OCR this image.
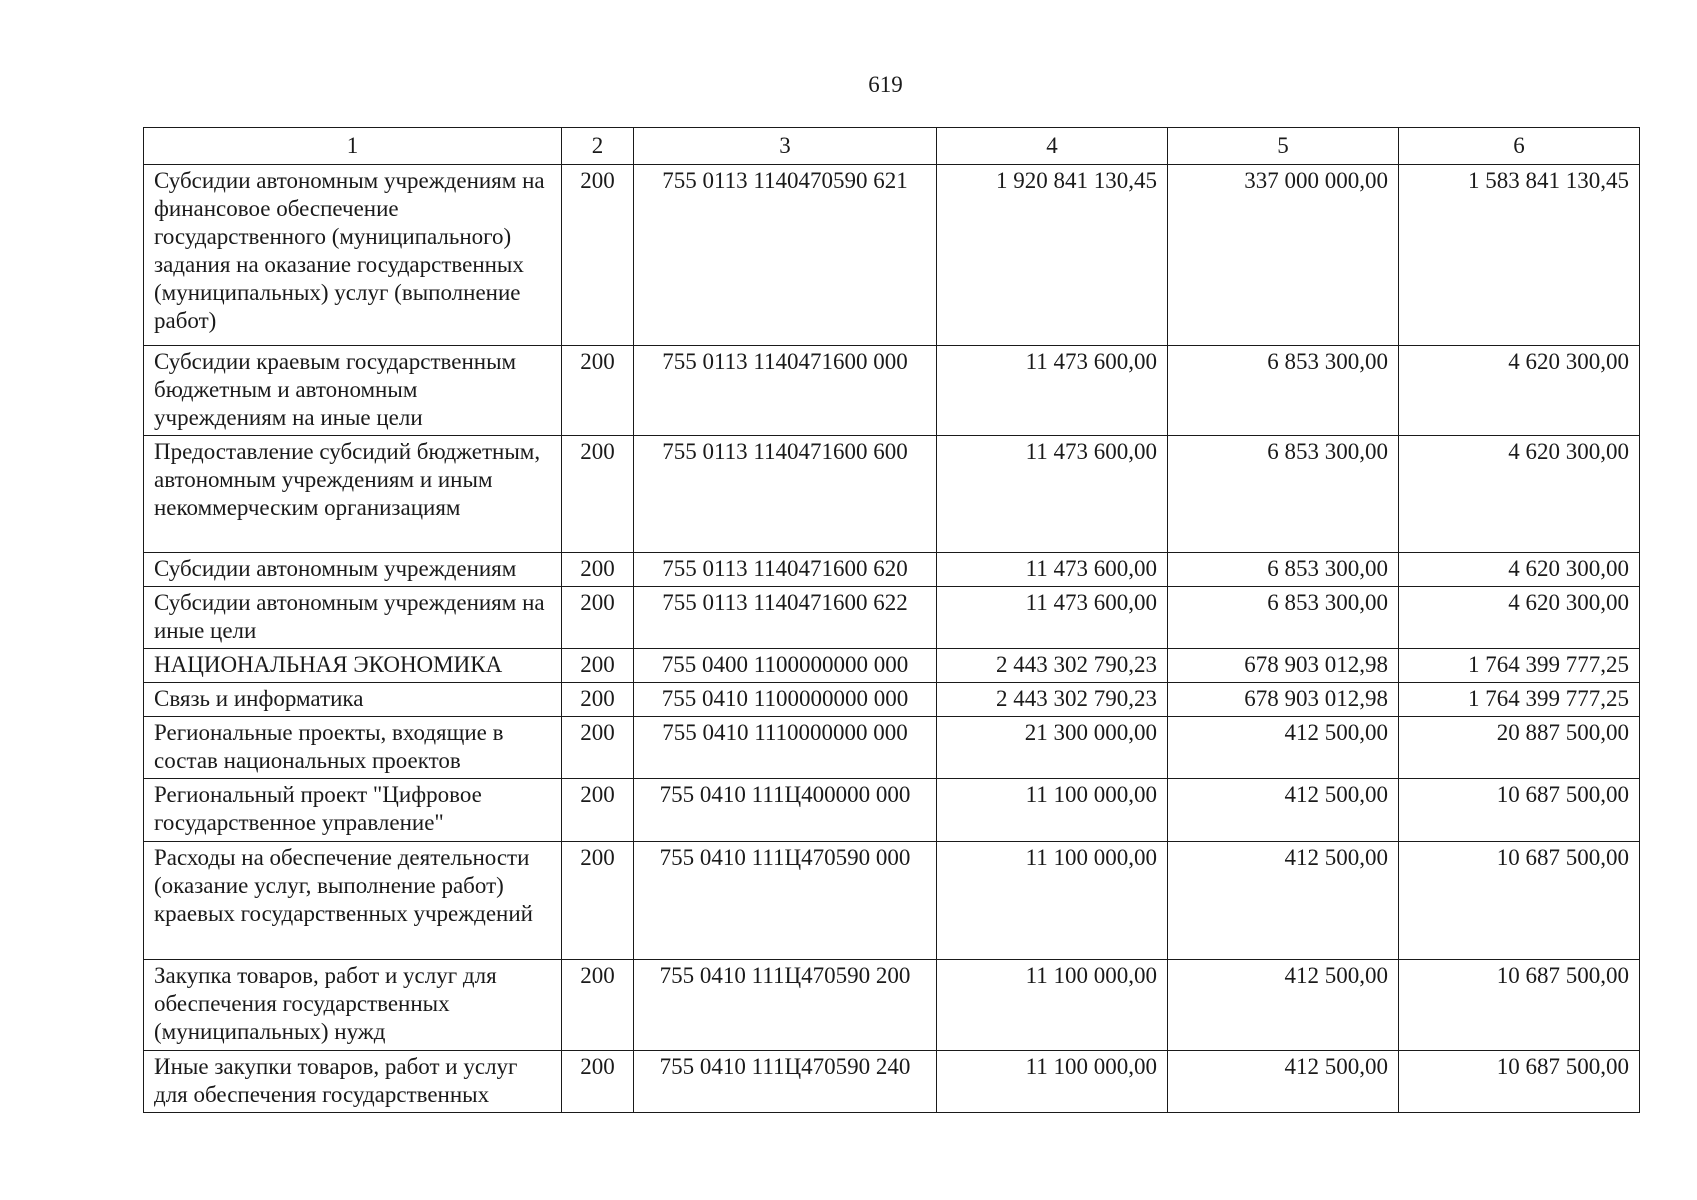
619
1	2	3	4	5	6
Субсидии автономным учреждениям на финансовое обеспечение государственного (муниципального) задания на оказание государственных (муниципальных) услуг (выполнение работ)	200	755 0113 1140470590 621	1 920 841 130,45	337 000 000,00	1 583 841 130,45
Субсидии краевым государственным бюджетным и автономным учреждениям на иные цели	200	755 0113 1140471600 000	11 473 600,00	6 853 300,00	4 620 300,00
Предоставление субсидий бюджетным, автономным учреждениям и иным некоммерческим организациям	200	755 0113 1140471600 600	11 473 600,00	6 853 300,00	4 620 300,00
Субсидии автономным учреждениям	200	755 0113 1140471600 620	11 473 600,00	6 853 300,00	4 620 300,00
Субсидии автономным учреждениям на иные цели	200	755 0113 1140471600 622	11 473 600,00	6 853 300,00	4 620 300,00
НАЦИОНАЛЬНАЯ ЭКОНОМИКА	200	755 0400 1100000000 000	2 443 302 790,23	678 903 012,98	1 764 399 777,25
Связь и информатика	200	755 0410 1100000000 000	2 443 302 790,23	678 903 012,98	1 764 399 777,25
Региональные проекты, входящие в состав национальных проектов	200	755 0410 1110000000 000	21 300 000,00	412 500,00	20 887 500,00
Региональный проект "Цифровое государственное управление"	200	755 0410 111Ц400000 000	11 100 000,00	412 500,00	10 687 500,00
Расходы на обеспечение деятельности (оказание услуг, выполнение работ) краевых государственных учреждений	200	755 0410 111Ц470590 000	11 100 000,00	412 500,00	10 687 500,00
Закупка товаров, работ и услуг для обеспечения государственных (муниципальных) нужд	200	755 0410 111Ц470590 200	11 100 000,00	412 500,00	10 687 500,00
Иные закупки товаров, работ и услуг для обеспечения государственных	200	755 0410 111Ц470590 240	11 100 000,00	412 500,00	10 687 500,00
